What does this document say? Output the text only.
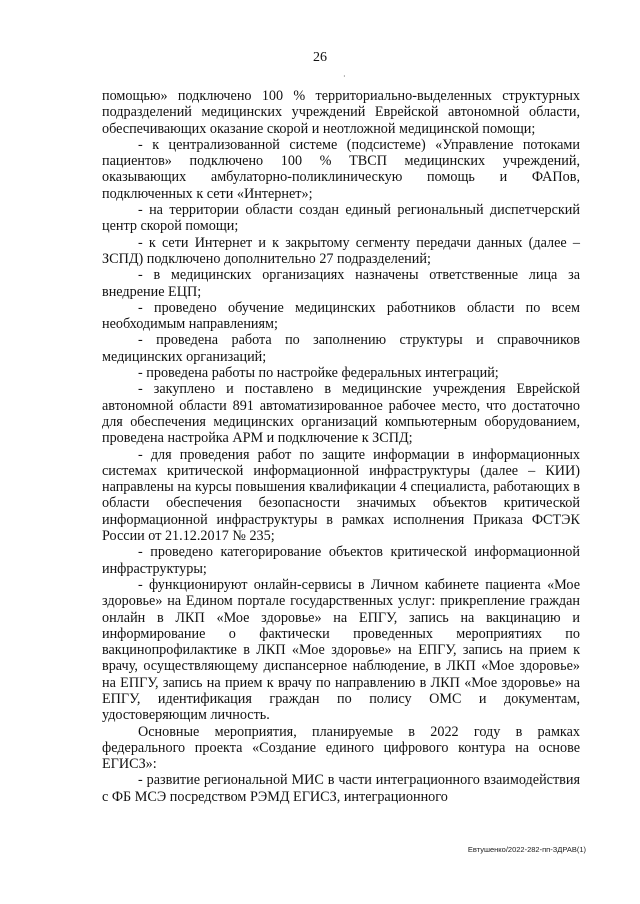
26
·

помощью» подключено 100 % территориально-выделенных структурных подразделений медицинских учреждений Еврейской автономной области, обеспечивающих оказание скорой и неотложной медицинской помощи;

- к централизованной системе (подсистеме) «Управление потоками пациентов» подключено 100 % ТВСП медицинских учреждений, оказывающих амбулаторно-поликлиническую помощь и ФАПов, подключенных к сети «Интернет»;

- на территории области создан единый региональный диспетчерский центр скорой помощи;

- к сети Интернет и к закрытому сегменту передачи данных (далее – ЗСПД) подключено дополнительно 27 подразделений;

- в медицинских организациях назначены ответственные лица за внедрение ЕЦП;

- проведено обучение медицинских работников области по всем необходимым направлениям;

- проведена работа по заполнению структуры и справочников медицинских организаций;

- проведена работы по настройке федеральных интеграций;

- закуплено и поставлено в медицинские учреждения Еврейской автономной области 891 автоматизированное рабочее место, что достаточно для обеспечения медицинских организаций компьютерным оборудованием, проведена настройка АРМ и подключение к ЗСПД;

- для проведения работ по защите информации в информационных системах критической информационной инфраструктуры (далее – КИИ) направлены на курсы повышения квалификации 4 специалиста, работающих в области обеспечения безопасности значимых объектов критической информационной инфраструктуры в рамках исполнения Приказа ФСТЭК России от 21.12.2017 № 235;

- проведено категорирование объектов критической информационной инфраструктуры;

- функционируют онлайн-сервисы в Личном кабинете пациента «Мое здоровье» на Едином портале государственных услуг: прикрепление граждан онлайн в ЛКП «Мое здоровье» на ЕПГУ, запись на вакцинацию и информирование о фактически проведенных мероприятиях по вакцинопрофилактике в ЛКП «Мое здоровье» на ЕПГУ, запись на прием к врачу, осуществляющему диспансерное наблюдение, в ЛКП «Мое здоровье» на ЕПГУ, запись на прием к врачу по направлению в ЛКП «Мое здоровье» на ЕПГУ, идентификация граждан по полису ОМС и документам, удостоверяющим личность.

Основные мероприятия, планируемые в 2022 году в рамках федерального проекта «Создание единого цифрового контура на основе ЕГИСЗ»:

- развитие региональной МИС в части интеграционного взаимодействия с ФБ МСЭ посредством РЭМД ЕГИСЗ, интеграционного

Евтушенко/2022-282-пп-ЗДРАВ(1)
